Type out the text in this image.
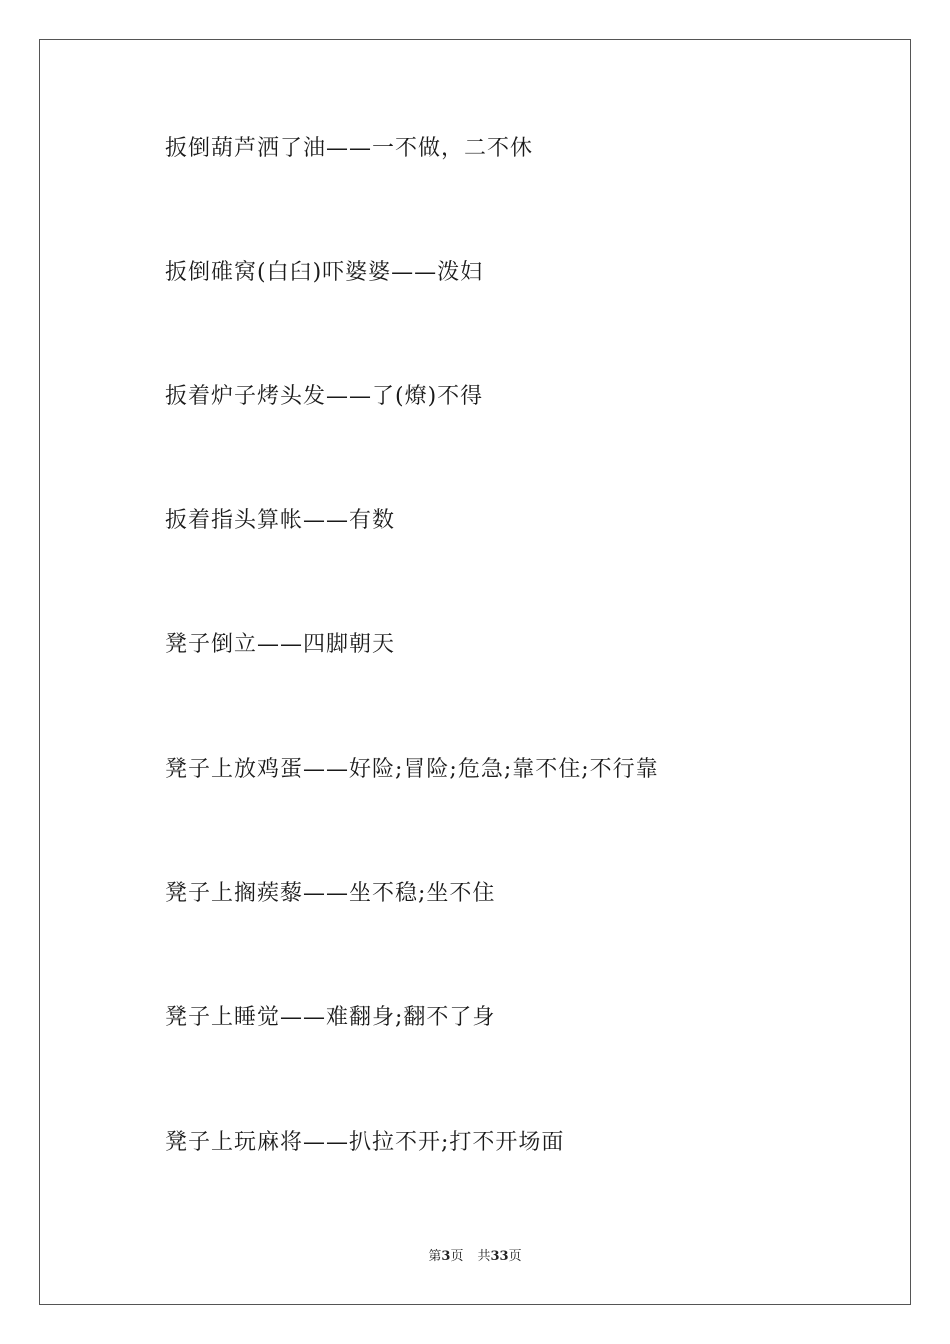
扳倒葫芦洒了油——一不做，二不休
扳倒碓窝(白臼)吓婆婆——泼妇
扳着炉子烤头发——了(燎)不得
扳着指头算帐——有数
凳子倒立——四脚朝天
凳子上放鸡蛋——好险;冒险;危急;靠不住;不行靠
凳子上搁蒺藜——坐不稳;坐不住
凳子上睡觉——难翻身;翻不了身
凳子上玩麻将——扒拉不开;打不开场面
第3页 共33页
